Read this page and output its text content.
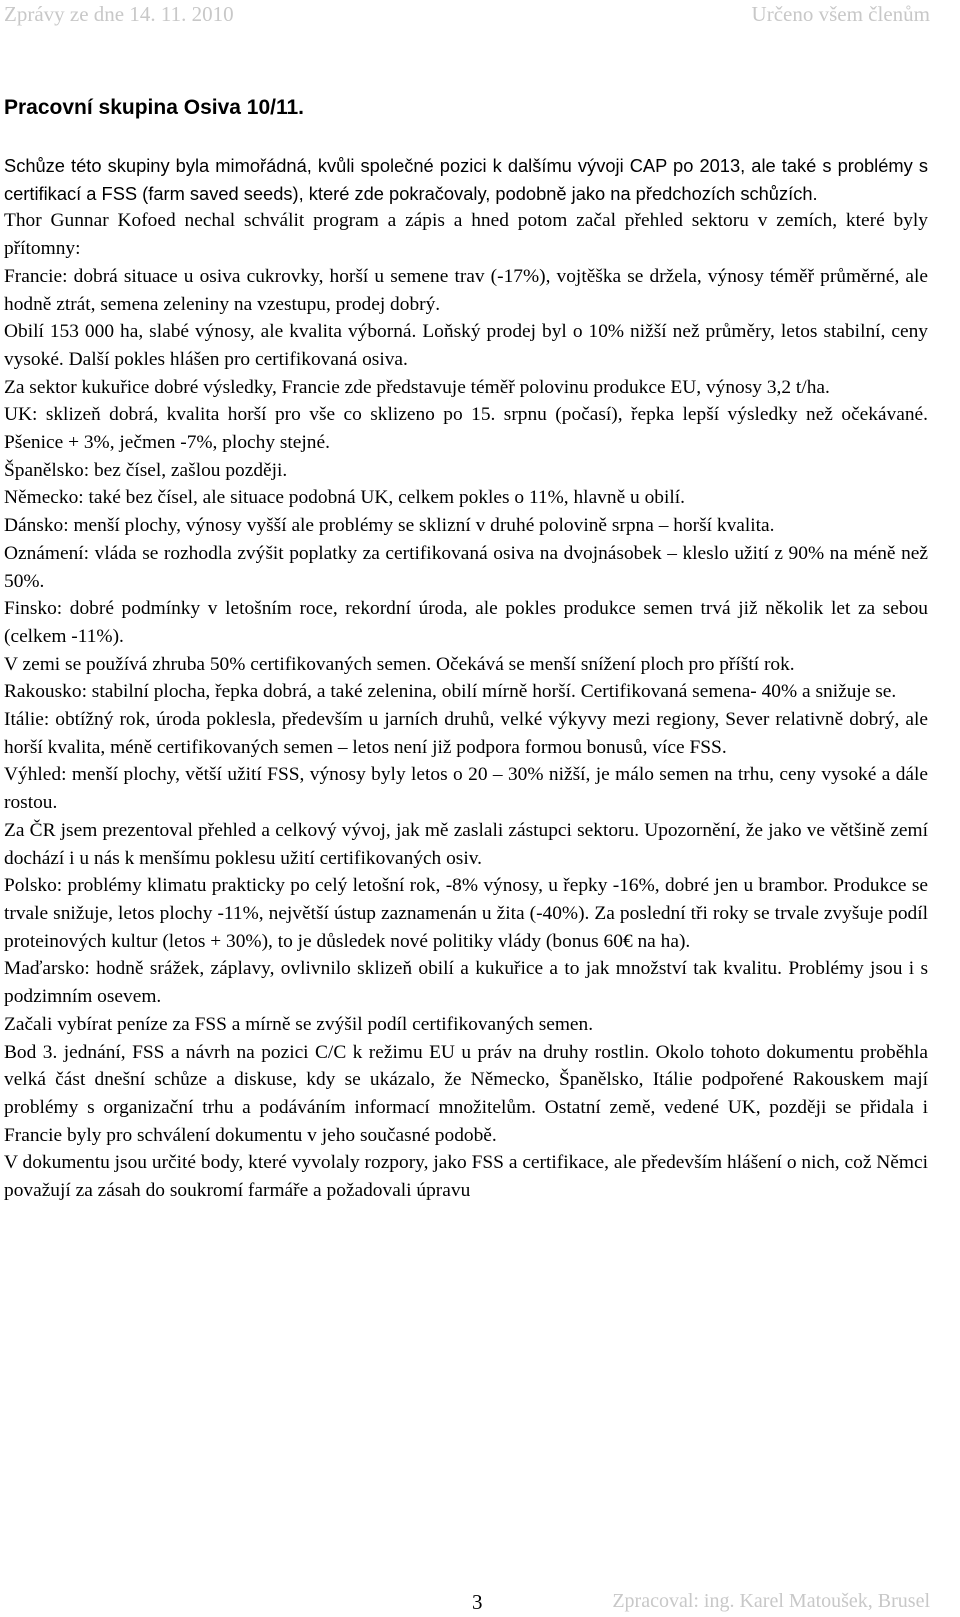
Zprávy ze dne 14. 11. 2010	Určeno všem členům
Pracovní skupina Osiva 10/11.

Schůze této skupiny byla mimořádná, kvůli společné pozici k dalšímu vývoji CAP po 2013, ale také s problémy s certifikací a FSS (farm saved seeds), které zde pokračovaly, podobně jako na předchozích schůzích.

Thor Gunnar Kofoed nechal schválit program a zápis a hned potom začal přehled sektoru v zemích, které byly přítomny:

Francie: dobrá situace u osiva cukrovky, horší u semene trav (-17%), vojtěška se držela, výnosy téměř průměrné, ale hodně ztrát, semena zeleniny na vzestupu, prodej dobrý.

Obilí 153 000 ha, slabé výnosy, ale kvalita výborná. Loňský prodej byl o 10% nižší než průměry, letos stabilní, ceny vysoké. Další pokles hlášen pro certifikovaná osiva.

Za sektor kukuřice dobré výsledky, Francie zde představuje téměř polovinu produkce EU, výnosy 3,2 t/ha.

UK: sklizeň dobrá, kvalita horší pro vše co sklizeno po 15. srpnu (počasí), řepka lepší výsledky než očekávané. Pšenice + 3%, ječmen -7%, plochy stejné.

Španělsko: bez čísel, zašlou později.

Německo: také bez čísel, ale situace podobná UK, celkem pokles o 11%, hlavně u obilí.

Dánsko: menší plochy, výnosy vyšší ale problémy se sklizní v druhé polovině srpna – horší kvalita.

Oznámení: vláda se rozhodla zvýšit poplatky za certifikovaná osiva na dvojnásobek – kleslo užití z 90% na méně než 50%.

Finsko: dobré podmínky v letošním roce, rekordní úroda, ale pokles produkce semen trvá již několik let za sebou (celkem -11%).

V zemi se používá zhruba 50% certifikovaných semen. Očekává se menší snížení ploch pro příští rok.

Rakousko: stabilní plocha, řepka dobrá, a také zelenina, obilí mírně horší. Certifikovaná semena- 40% a snižuje se.

Itálie: obtížný rok, úroda poklesla, především u jarních druhů, velké výkyvy mezi regiony, Sever relativně dobrý, ale horší kvalita, méně certifikovaných semen – letos není již podpora formou bonusů, více FSS.

Výhled: menší plochy, větší užití FSS, výnosy byly letos o 20 – 30% nižší, je málo semen na trhu, ceny vysoké a dále rostou.

Za ČR jsem prezentoval přehled a celkový vývoj, jak mě zaslali zástupci sektoru. Upozornění, že jako ve většině zemí dochází i u nás k menšímu poklesu užití certifikovaných osiv.

Polsko: problémy klimatu prakticky po celý letošní rok, -8% výnosy, u řepky -16%, dobré jen u brambor. Produkce se trvale snižuje, letos plochy -11%, největší ústup zaznamenán u žita (-40%). Za poslední tři roky se trvale zvyšuje podíl proteinových kultur (letos + 30%), to je důsledek nové politiky vlády (bonus 60€ na ha).

Maďarsko: hodně srážek, záplavy, ovlivnilo sklizeň obilí a kukuřice a to jak množství tak kvalitu. Problémy jsou i s podzimním osevem.

Začali vybírat peníze za FSS a mírně se zvýšil podíl certifikovaných semen.

Bod 3. jednání, FSS a návrh na pozici C/C k režimu EU u práv na druhy rostlin. Okolo tohoto dokumentu proběhla velká část dnešní schůze a diskuse, kdy se ukázalo, že Německo, Španělsko, Itálie podpořené Rakouskem mají problémy s organizační trhu a podáváním informací množitelům. Ostatní země, vedené UK, později se přidala i Francie byly pro schválení dokumentu v jeho současné podobě.

V dokumentu jsou určité body, které vyvolaly rozpory, jako FSS a certifikace, ale především hlášení o nich, což Němci považují za zásah do soukromí farmáře a požadovali úpravu

3	Zpracoval: ing. Karel Matoušek, Brusel
